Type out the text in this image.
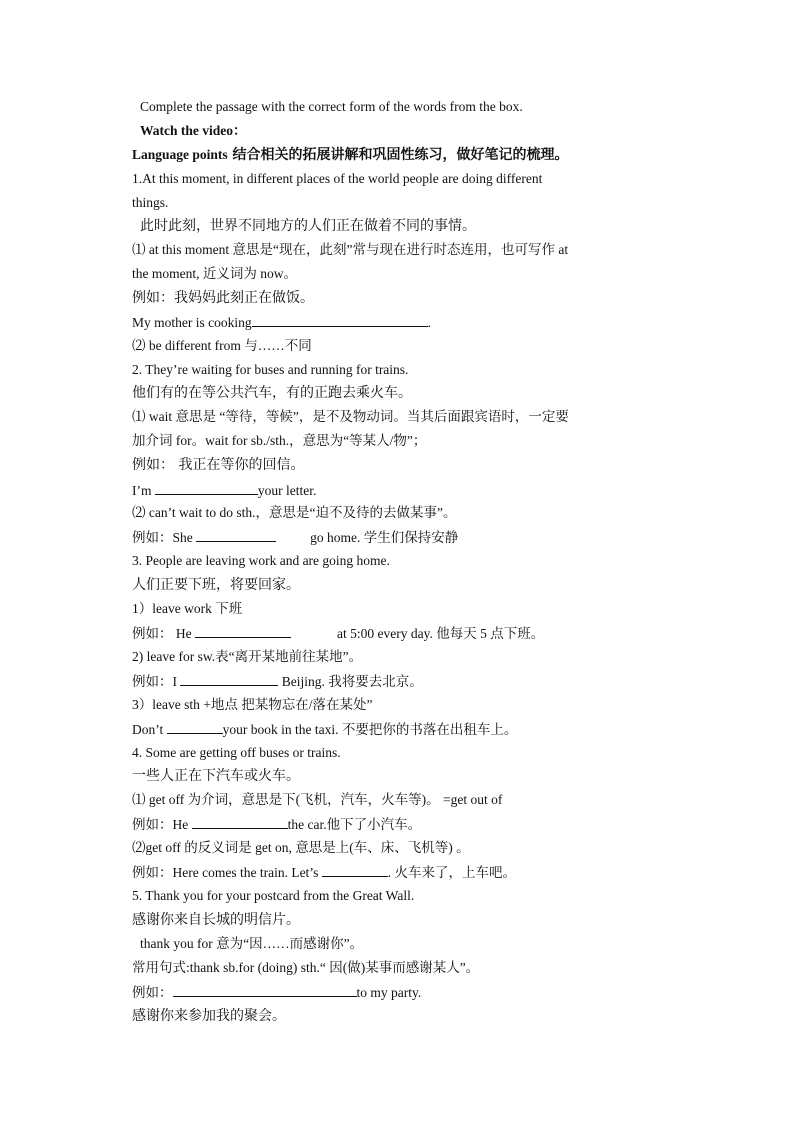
Complete the passage with the correct form of the words from the box.
Watch the video：
Language points 结合相关的拓展讲解和巩固性练习，做好笔记的梳理。
1.At this moment, in different places of the world people are doing different
things.
此时此刻，世界不同地方的人们正在做着不同的事情。
⑴ at this moment 意思是“现在，此刻”常与现在进行时态连用，也可写作 at
the moment, 近义词为 now。
例如：我妈妈此刻正在做饭。
My mother is cooking	.
⑵ be different from 与……不同
2. They’re waiting for buses and running for trains.
他们有的在等公共汽车，有的正跑去乘火车。
⑴ wait 意思是 “等待，等候”，是不及物动词。当其后面跟宾语时，一定要
加介词 for。wait for sb./sth.，意思为“等某人/物”；
例如： 我正在等你的回信。
I’m	your letter.
⑵ can’t wait to do sth.，意思是“迫不及待的去做某事”。
例如：She	go home. 学生们保持安静
3. People are leaving work and are going home.
人们正要下班，将要回家。
1）leave work 下班
例如： He	at 5:00 every day. 他每天 5 点下班。
2) leave for sw.表“离开某地前往某地”。
例如：I	Beijing. 我将要去北京。
3）leave sth +地点 把某物忘在/落在某处”
Don’t	your book in the taxi. 不要把你的书落在出租车上。
4. Some are getting off buses or trains.
一些人正在下汽车或火车。
⑴ get off 为介词，意思是下(飞机，汽车，火车等)。 =get out of
例如：He	the car.他下了小汽车。
⑵get off 的反义词是 get on, 意思是上(车、床、飞机等) 。
例如：Here comes the train. Let’s	. 火车来了，上车吧。
5. Thank you for your postcard from the Great Wall.
感谢你来自长城的明信片。
thank you for 意为“因……而感谢你”。
常用句式:thank sb.for (doing) sth.“ 因(做)某事而感谢某人”。
例如：	to my party.
感谢你来参加我的聚会。
